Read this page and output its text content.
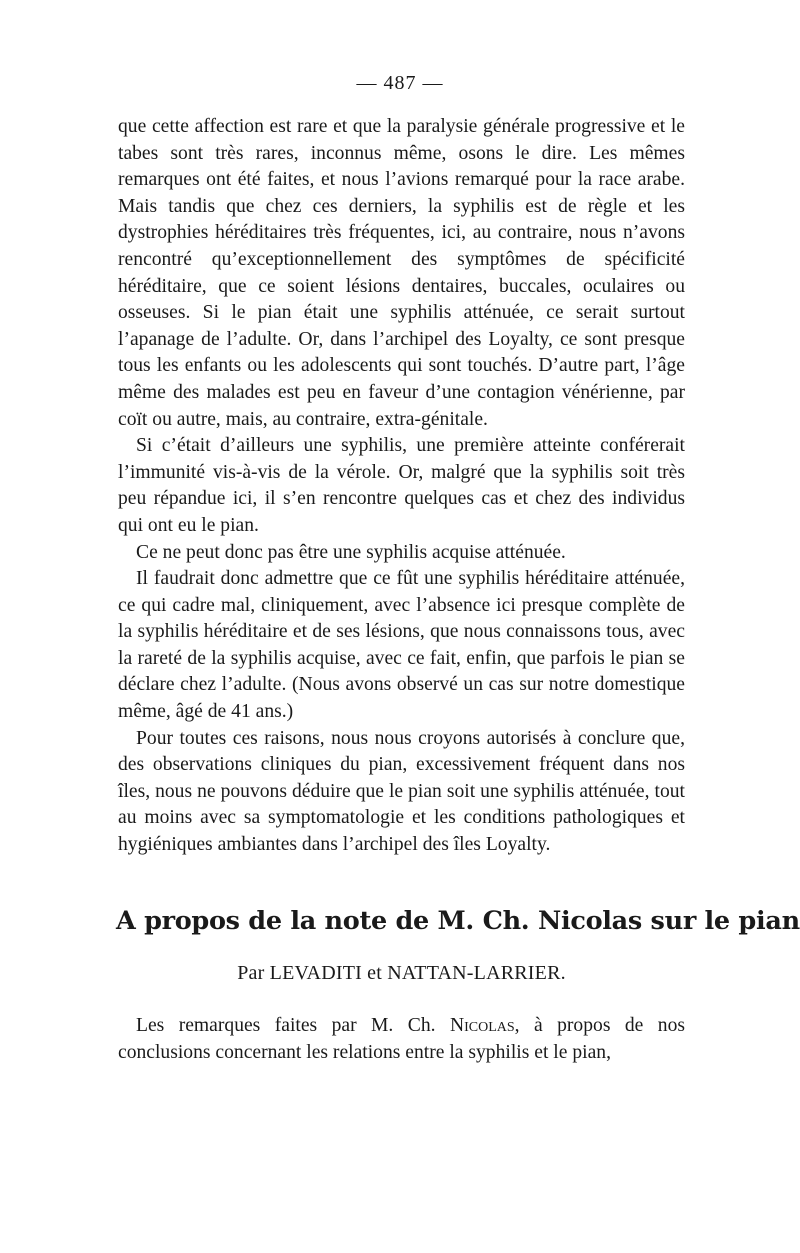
— 487 —

que cette affection est rare et que la paralysie générale progressive et le tabes sont très rares, inconnus même, osons le dire. Les mêmes remarques ont été faites, et nous l’avions remarqué pour la race arabe. Mais tandis que chez ces derniers, la syphilis est de règle et les dystrophies héréditaires très fréquentes, ici, au contraire, nous n’avons rencontré qu’exceptionnellement des symptômes de spécificité héréditaire, que ce soient lésions dentaires, buccales, oculaires ou osseuses. Si le pian était une syphilis atténuée, ce serait surtout l’apanage de l’adulte. Or, dans l’archipel des Loyalty, ce sont presque tous les enfants ou les adolescents qui sont touchés. D’autre part, l’âge même des malades est peu en faveur d’une contagion vénérienne, par coït ou autre, mais, au contraire, extra-génitale.

Si c’était d’ailleurs une syphilis, une première atteinte conférerait l’immunité vis-à-vis de la vérole. Or, malgré que la syphilis soit très peu répandue ici, il s’en rencontre quelques cas et chez des individus qui ont eu le pian.

Ce ne peut donc pas être une syphilis acquise atténuée.

Il faudrait donc admettre que ce fût une syphilis héréditaire atténuée, ce qui cadre mal, cliniquement, avec l’absence ici presque complète de la syphilis héréditaire et de ses lésions, que nous connaissons tous, avec la rareté de la syphilis acquise, avec ce fait, enfin, que parfois le pian se déclare chez l’adulte. (Nous avons observé un cas sur notre domestique même, âgé de 41 ans.)

Pour toutes ces raisons, nous nous croyons autorisés à conclure que, des observations cliniques du pian, excessivement fréquent dans nos îles, nous ne pouvons déduire que le pian soit une syphilis atténuée, tout au moins avec sa symptomatologie et les conditions pathologiques et hygiéniques ambiantes dans l’archipel des îles Loyalty.

A propos de la note de M. Ch. Nicolas sur le pian

Par LEVADITI et NATTAN-LARRIER.

Les remarques faites par M. Ch. Nicolas, à propos de nos conclusions concernant les relations entre la syphilis et le pian,
